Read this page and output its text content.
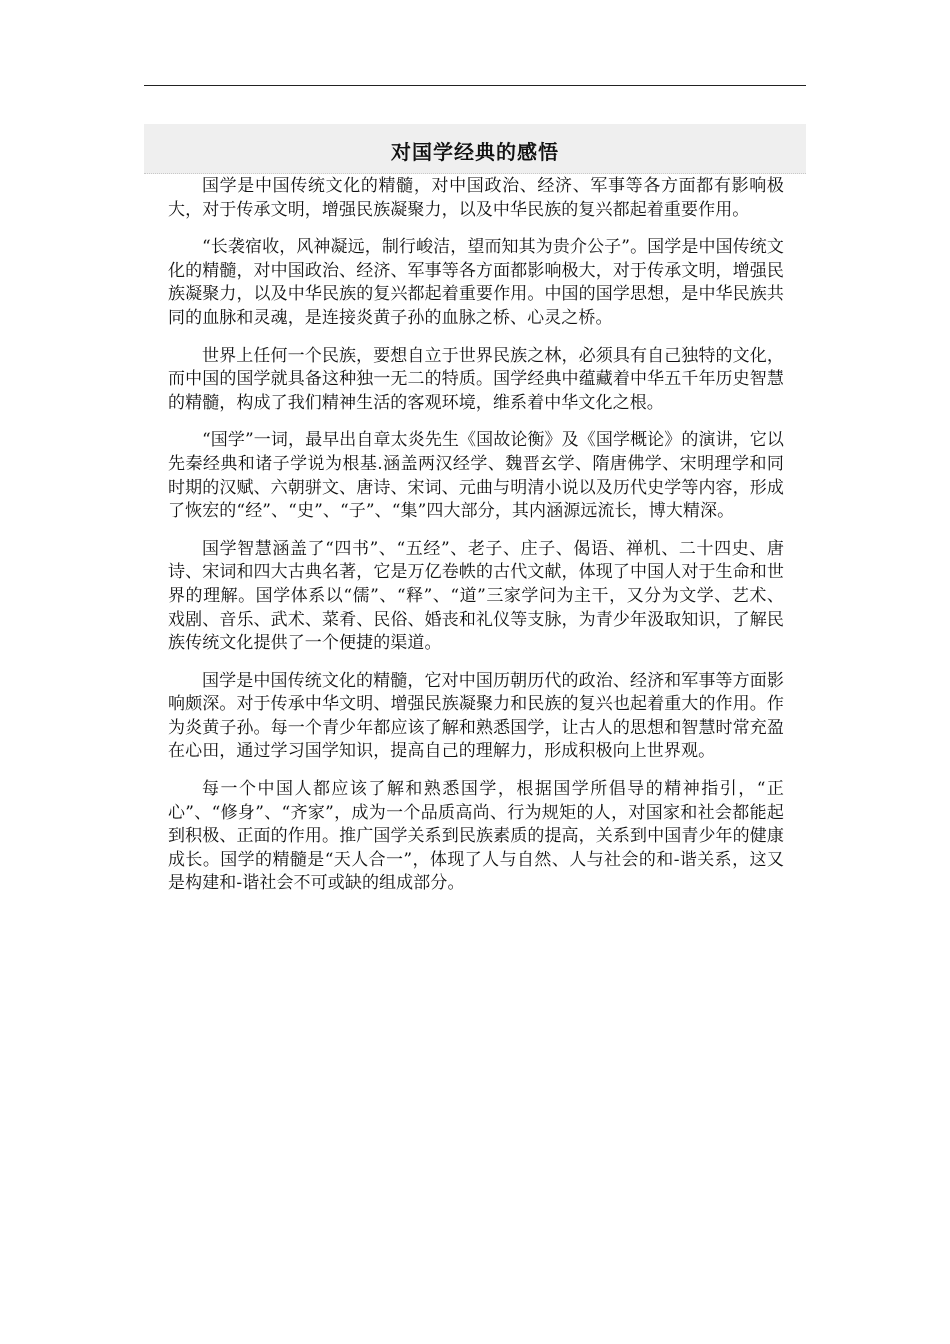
对国学经典的感悟

国学是中国传统文化的精髓，对中国政治、经济、军事等各方面都有影响极大，对于传承文明，增强民族凝聚力，以及中华民族的复兴都起着重要作用。

“长袭宿收，风神凝远，制行峻洁，望而知其为贵介公子”。国学是中国传统文化的精髓，对中国政治、经济、军事等各方面都影响极大，对于传承文明，增强民族凝聚力，以及中华民族的复兴都起着重要作用。中国的国学思想，是中华民族共同的血脉和灵魂，是连接炎黄子孙的血脉之桥、心灵之桥。

世界上任何一个民族，要想自立于世界民族之林，必须具有自己独特的文化，而中国的国学就具备这种独一无二的特质。国学经典中蕴藏着中华五千年历史智慧的精髓，构成了我们精神生活的客观环境，维系着中华文化之根。

“国学”一词，最早出自章太炎先生《国故论衡》及《国学概论》的演讲，它以先秦经典和诸子学说为根基.涵盖两汉经学、魏晋玄学、隋唐佛学、宋明理学和同时期的汉赋、六朝骈文、唐诗、宋词、元曲与明清小说以及历代史学等内容，形成了恢宏的“经”、“史”、“子”、“集”四大部分，其内涵源远流长，博大精深。

国学智慧涵盖了“四书”、“五经”、老子、庄子、偈语、禅机、二十四史、唐诗、宋词和四大古典名著，它是万亿卷帙的古代文献，体现了中国人对于生命和世界的理解。国学体系以“儒”、“释”、“道”三家学问为主干，又分为文学、艺术、戏剧、音乐、武术、菜肴、民俗、婚丧和礼仪等支脉，为青少年汲取知识，了解民族传统文化提供了一个便捷的渠道。

国学是中国传统文化的精髓，它对中国历朝历代的政治、经济和军事等方面影响颇深。对于传承中华文明、增强民族凝聚力和民族的复兴也起着重大的作用。作为炎黄子孙。每一个青少年都应该了解和熟悉国学，让古人的思想和智慧时常充盈在心田，通过学习国学知识，提高自己的理解力，形成积极向上世界观。

每一个中国人都应该了解和熟悉国学，根据国学所倡导的精神指引，“正心”、“修身”、“齐家”，成为一个品质高尚、行为规矩的人，对国家和社会都能起到积极、正面的作用。推广国学关系到民族素质的提高，关系到中国青少年的健康成长。国学的精髓是“天人合一”，体现了人与自然、人与社会的和-谐关系，这又是构建和-谐社会不可或缺的组成部分。
